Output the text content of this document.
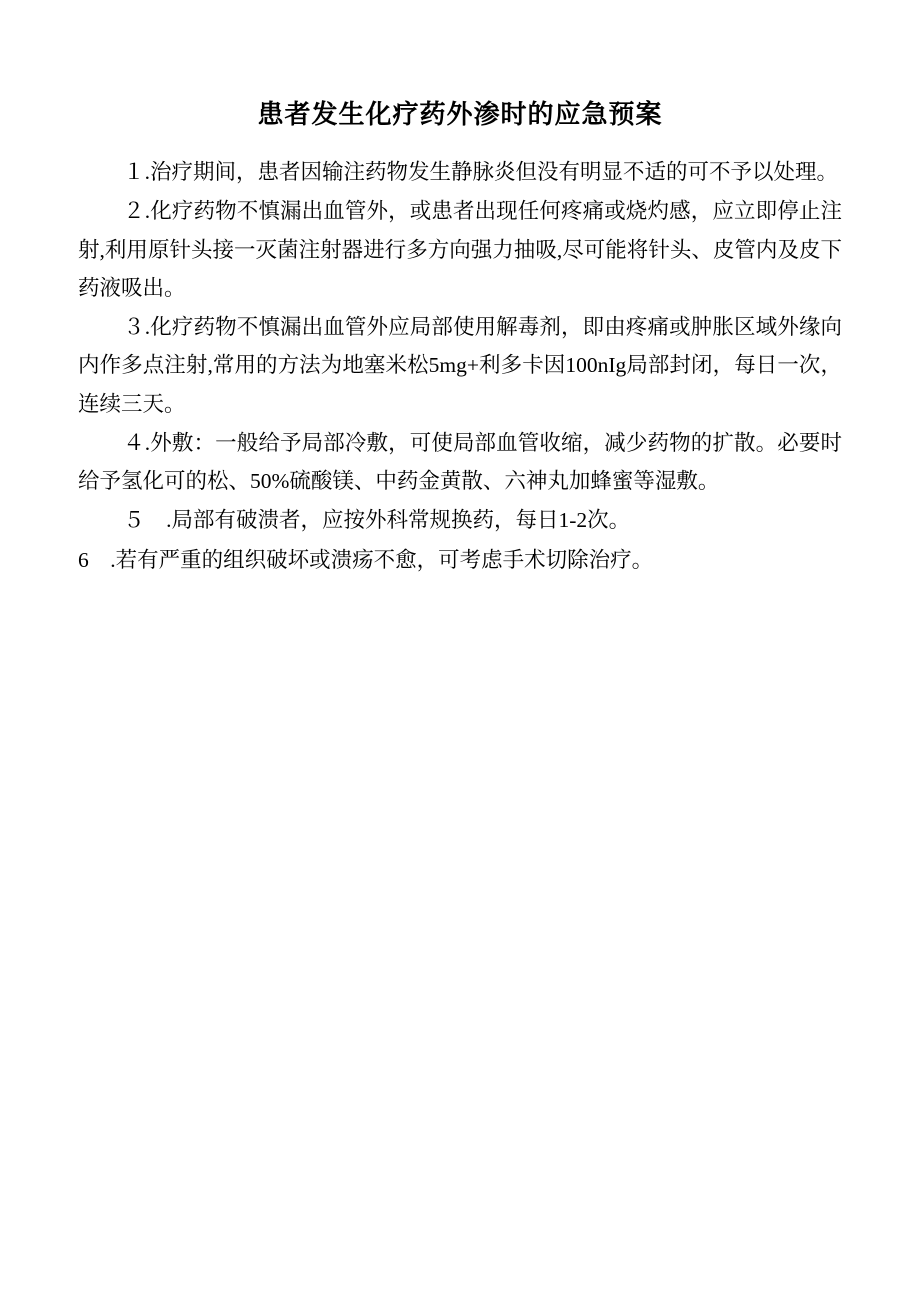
患者发生化疗药外渗时的应急预案

１.治疗期间，患者因输注药物发生静脉炎但没有明显不适的可不予以处理。

２.化疗药物不慎漏出血管外，或患者出现任何疼痛或烧灼感，应立即停止注射,利用原针头接一灭菌注射器进行多方向强力抽吸,尽可能将针头、皮管内及皮下药液吸出。

３.化疗药物不慎漏出血管外应局部使用解毒剂，即由疼痛或肿胀区域外缘向内作多点注射,常用的方法为地塞米松5mg+利多卡因100nIg局部封闭，每日一次，连续三天。

４.外敷：一般给予局部冷敷，可使局部血管收缩，减少药物的扩散。必要时给予氢化可的松、50%硫酸镁、中药金黄散、六神丸加蜂蜜等湿敷。

５　.局部有破溃者，应按外科常规换药，每日1-2次。

6　.若有严重的组织破坏或溃疡不愈，可考虑手术切除治疗。
